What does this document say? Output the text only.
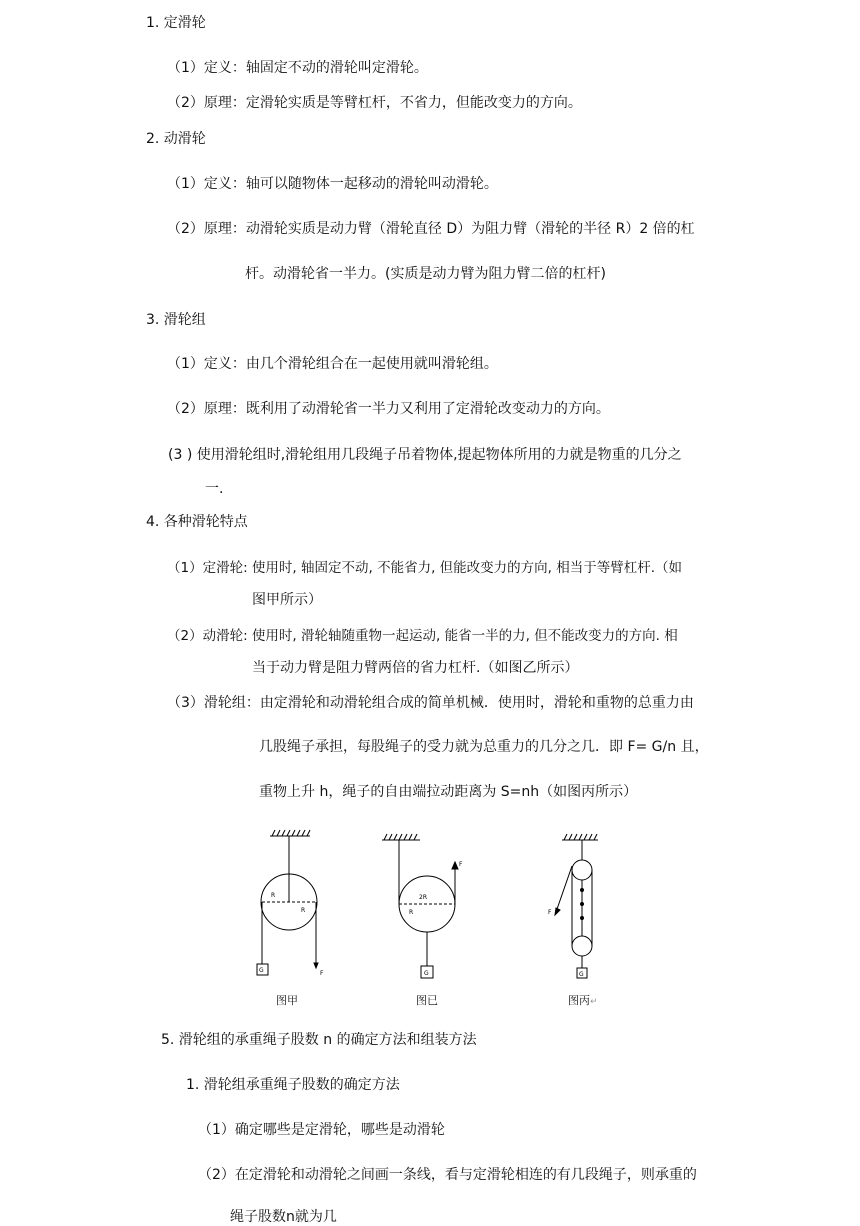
1. 定滑轮
（1）定义：轴固定不动的滑轮叫定滑轮。
（2）原理：定滑轮实质是等臂杠杆，不省力，但能改变力的方向。
2. 动滑轮
（1）定义：轴可以随物体一起移动的滑轮叫动滑轮。
（2）原理：动滑轮实质是动力臂（滑轮直径 D）为阻力臂（滑轮的半径 R）2 倍的杠
杆。动滑轮省一半力。(实质是动力臂为阻力臂二倍的杠杆)
3. 滑轮组
（1）定义：由几个滑轮组合在一起使用就叫滑轮组。
（2）原理：既利用了动滑轮省一半力又利用了定滑轮改变动力的方向。
(3 ) 使用滑轮组时,滑轮组用几段绳子吊着物体,提起物体所用的力就是物重的几分之
一.
4. 各种滑轮特点
（1）定滑轮: 使用时, 轴固定不动, 不能省力, 但能改变力的方向, 相当于等臂杠杆.（如
图甲所示）
（2）动滑轮: 使用时, 滑轮轴随重物一起运动, 能省一半的力, 但不能改变力的方向. 相
当于动力臂是阻力臂两倍的省力杠杆.（如图乙所示）
（3）滑轮组：由定滑轮和动滑轮组合成的简单机械．使用时，滑轮和重物的总重力由
几股绳子承担，每股绳子的受力就为总重力的几分之几．即 F= G/n 且，
重物上升 h，绳子的自由端拉动距离为 S=nh（如图丙所示）
R
R
G	F
2R
R
G
F
F
G
图甲	图已	图丙↵
5. 滑轮组的承重绳子股数 n 的确定方法和组装方法
1. 滑轮组承重绳子股数的确定方法
（1）确定哪些是定滑轮，哪些是动滑轮
（2）在定滑轮和动滑轮之间画一条线，看与定滑轮相连的有几段绳子，则承重的
绳子股数n就为几
